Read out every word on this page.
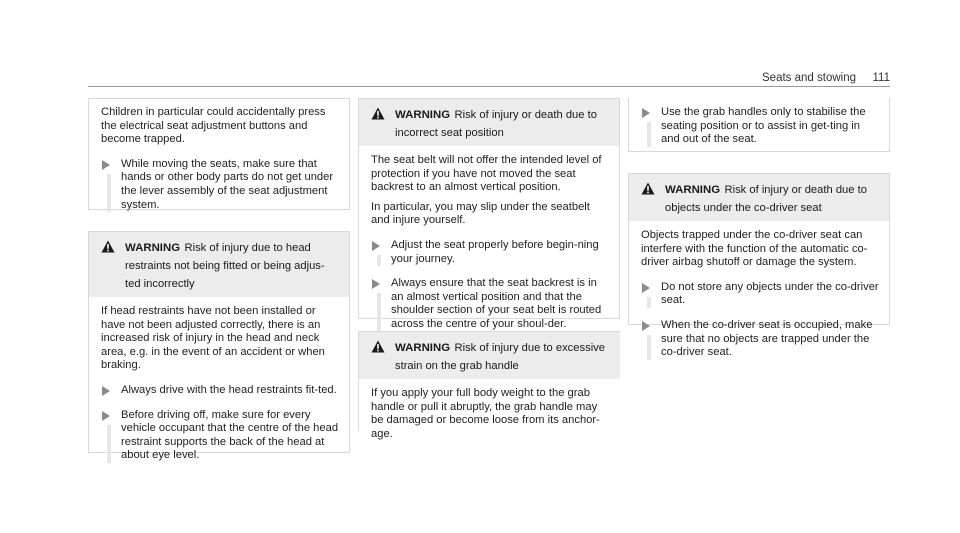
Seats and stowing 111

Children in particular could accidentally press the electrical seat adjustment buttons and become trapped.

While moving the seats, make sure that hands or other body parts do not get under the lever assembly of the seat adjustment system.

WARNING Risk of injury due to head restraints not being fitted or being adjus-ted incorrectly

If head restraints have not been installed or have not been adjusted correctly, there is an increased risk of injury in the head and neck area, e.g. in the event of an accident or when braking.

Always drive with the head restraints fit-ted.

Before driving off, make sure for every vehicle occupant that the centre of the head restraint supports the back of the head at about eye level.

WARNING Risk of injury or death due to incorrect seat position

The seat belt will not offer the intended level of protection if you have not moved the seat backrest to an almost vertical position.

In particular, you may slip under the seatbelt and injure yourself.

Adjust the seat properly before begin-ning your journey.

Always ensure that the seat backrest is in an almost vertical position and that the shoulder section of your seat belt is routed across the centre of your shoul-der.

WARNING Risk of injury due to excessive strain on the grab handle

If you apply your full body weight to the grab handle or pull it abruptly, the grab handle may be damaged or become loose from its anchor-age.

Use the grab handles only to stabilise the seating position or to assist in get-ting in and out of the seat.

WARNING Risk of injury or death due to objects under the co-driver seat

Objects trapped under the co-driver seat can interfere with the function of the automatic co-driver airbag shutoff or damage the system.

Do not store any objects under the co-driver seat.

When the co-driver seat is occupied, make sure that no objects are trapped under the co-driver seat.
